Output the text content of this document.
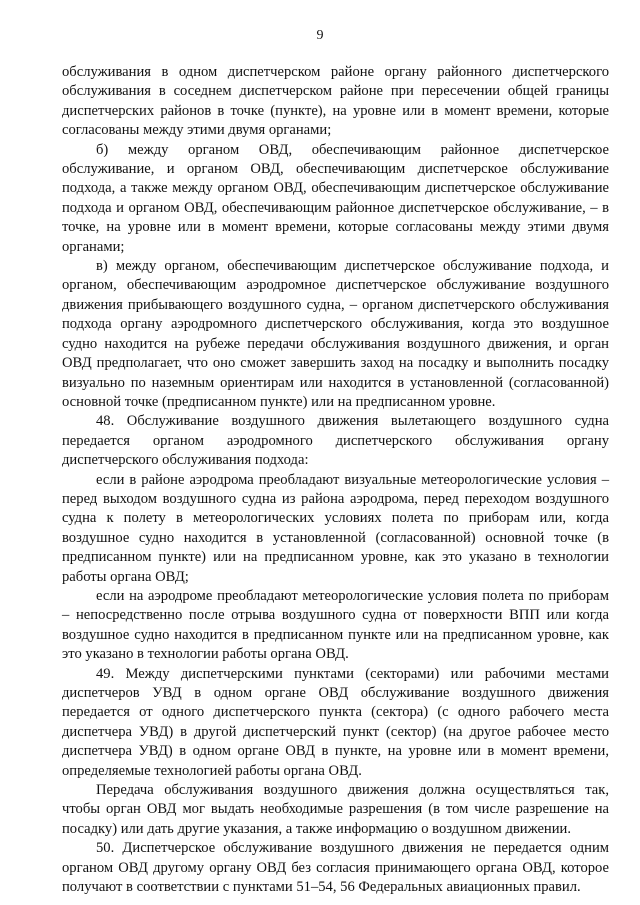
9

обслуживания в одном диспетчерском районе органу районного диспетчерского обслуживания в соседнем диспетчерском районе при пересечении общей границы диспетчерских районов в точке (пункте), на уровне или в момент времени, которые согласованы между этими двумя органами;

б) между органом ОВД, обеспечивающим районное диспетчерское обслуживание, и органом ОВД, обеспечивающим диспетчерское обслуживание подхода, а также между органом ОВД, обеспечивающим диспетчерское обслуживание подхода и органом ОВД, обеспечивающим районное диспетчерское обслуживание, – в точке, на уровне или в момент времени, которые согласованы между этими двумя органами;

в) между органом, обеспечивающим диспетчерское обслуживание подхода, и органом, обеспечивающим аэродромное диспетчерское обслуживание воздушного движения прибывающего воздушного судна, – органом диспетчерского обслуживания подхода органу аэродромного диспетчерского обслуживания, когда это воздушное судно находится на рубеже передачи обслуживания воздушного движения, и орган ОВД предполагает, что оно сможет завершить заход на посадку и выполнить посадку визуально по наземным ориентирам или находится в установленной (согласованной) основной точке (предписанном пункте) или на предписанном уровне.

48. Обслуживание воздушного движения вылетающего воздушного судна передается органом аэродромного диспетчерского обслуживания органу диспетчерского обслуживания подхода:

если в районе аэродрома преобладают визуальные метеорологические условия – перед выходом воздушного судна из района аэродрома, перед переходом воздушного судна к полету в метеорологических условиях полета по приборам или, когда воздушное судно находится в установленной (согласованной) основной точке (в предписанном пункте) или на предписанном уровне, как это указано в технологии работы органа ОВД;

если на аэродроме преобладают метеорологические условия полета по приборам – непосредственно после отрыва воздушного судна от поверхности ВПП или когда воздушное судно находится в предписанном пункте или на предписанном уровне, как это указано в технологии работы органа ОВД.

49. Между диспетчерскими пунктами (секторами) или рабочими местами диспетчеров УВД в одном органе ОВД обслуживание воздушного движения передается от одного диспетчерского пункта (сектора) (с одного рабочего места диспетчера УВД) в другой диспетчерский пункт (сектор) (на другое рабочее место диспетчера УВД) в одном органе ОВД в пункте, на уровне или в момент времени, определяемые технологией работы органа ОВД.

Передача обслуживания воздушного движения должна осуществляться так, чтобы орган ОВД мог выдать необходимые разрешения (в том числе разрешение на посадку) или дать другие указания, а также информацию о воздушном движении.

50. Диспетчерское обслуживание воздушного движения не передается одним органом ОВД другому органу ОВД без согласия принимающего органа ОВД, которое получают в соответствии с пунктами 51–54, 56 Федеральных авиационных правил.
